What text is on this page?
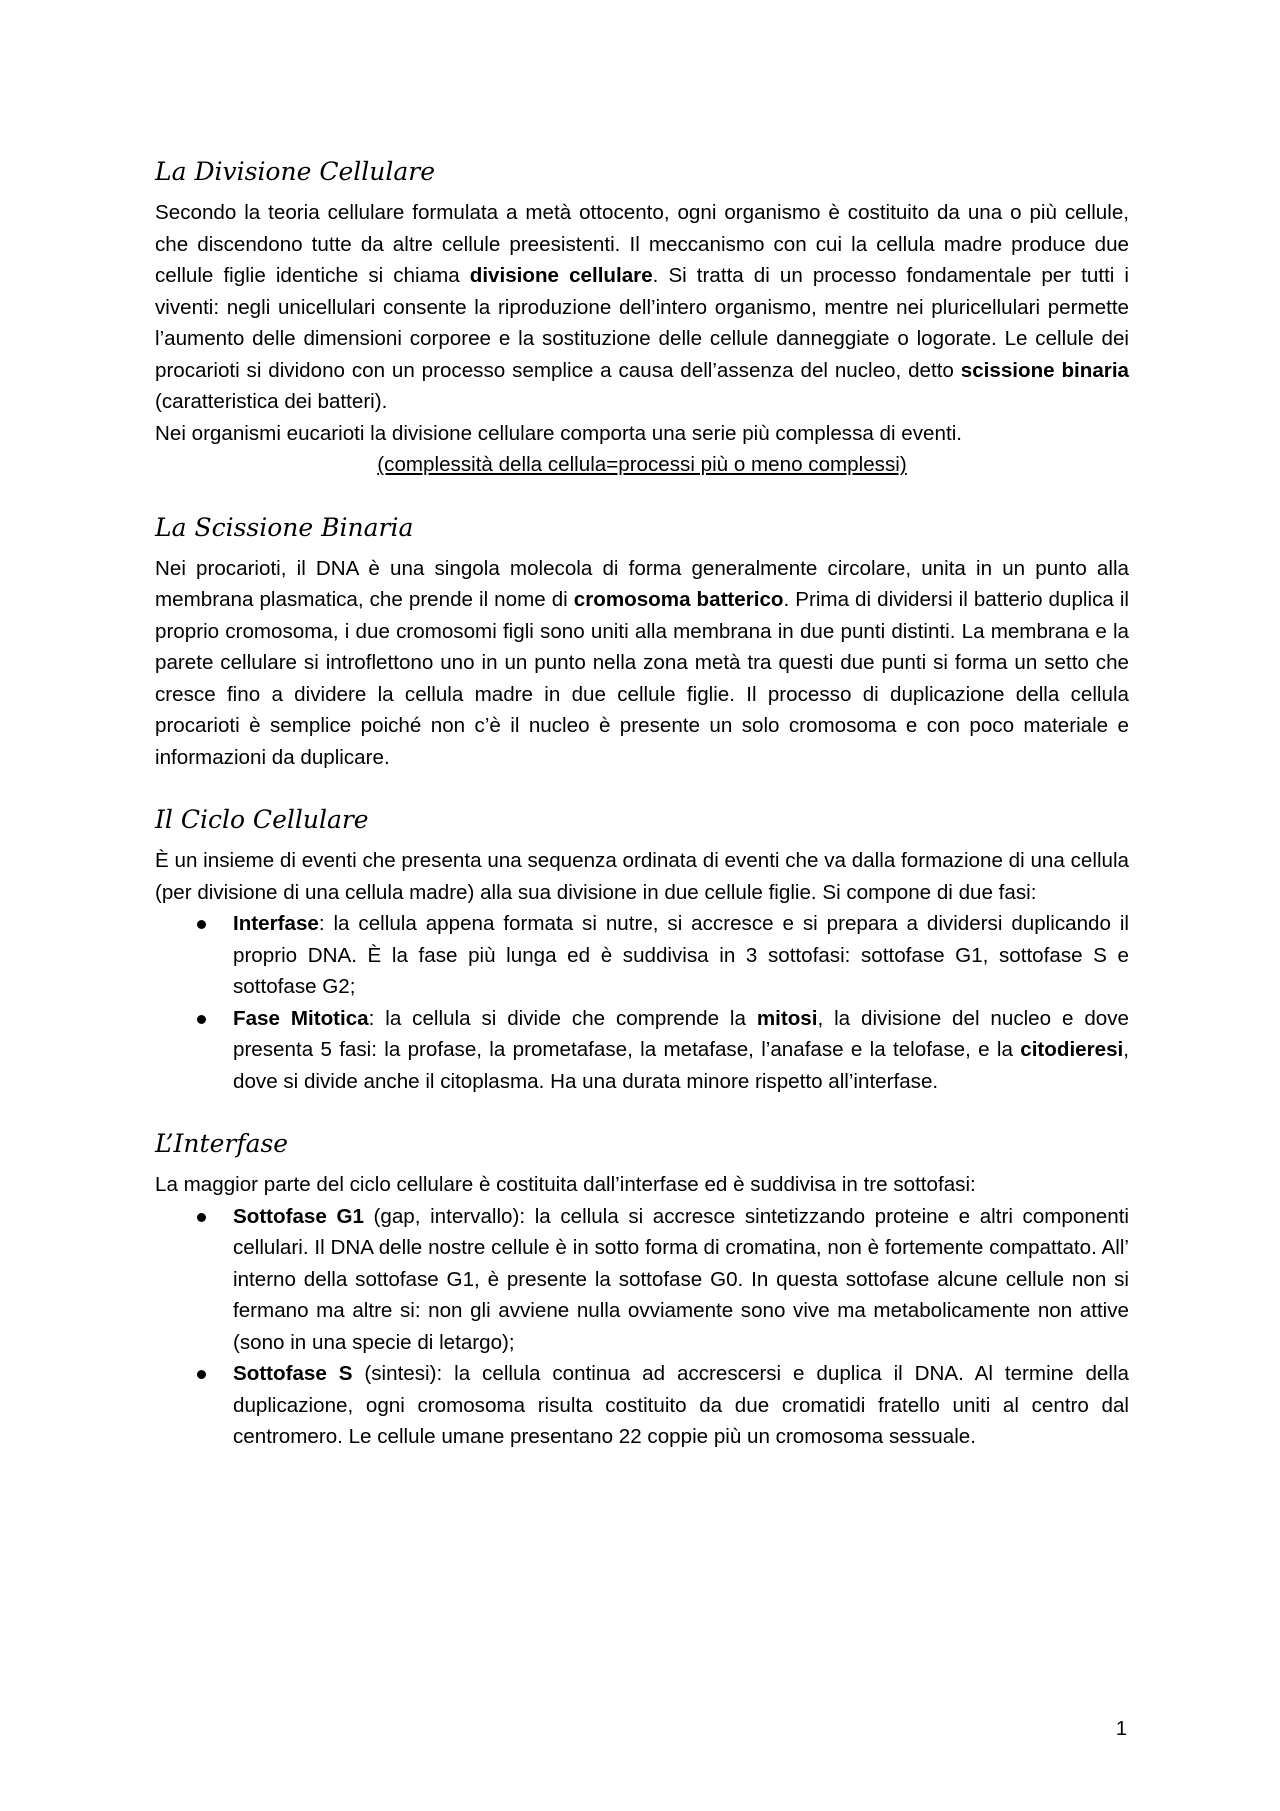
La Divisione Cellulare

Secondo la teoria cellulare formulata a metà ottocento, ogni organismo è costituito da una o più cellule, che discendono tutte da altre cellule preesistenti. Il meccanismo con cui la cellula madre produce due cellule figlie identiche si chiama divisione cellulare. Si tratta di un processo fondamentale per tutti i viventi: negli unicellulari consente la riproduzione dell’intero organismo, mentre nei pluricellulari permette l’aumento delle dimensioni corporee e la sostituzione delle cellule danneggiate o logorate. Le cellule dei procarioti si dividono con un processo semplice a causa dell’assenza del nucleo, detto scissione binaria (caratteristica dei batteri).

Nei organismi eucarioti la divisione cellulare comporta una serie più complessa di eventi.

(complessità della cellula=processi più o meno complessi)

La Scissione Binaria

Nei procarioti, il DNA è una singola molecola di forma generalmente circolare, unita in un punto alla membrana plasmatica, che prende il nome di cromosoma batterico. Prima di dividersi il batterio duplica il proprio cromosoma, i due cromosomi figli sono uniti alla membrana in due punti distinti. La membrana e la parete cellulare si introflettono uno in un punto nella zona metà tra questi due punti si forma un setto che cresce fino a dividere la cellula madre in due cellule figlie. Il processo di duplicazione della cellula procarioti è semplice poiché non c’è il nucleo è presente un solo cromosoma e con poco materiale e informazioni da duplicare.

Il Ciclo Cellulare

È un insieme di eventi che presenta una sequenza ordinata di eventi che va dalla formazione di una cellula (per divisione di una cellula madre) alla sua divisione in due cellule figlie. Si compone di due fasi:

Interfase: la cellula appena formata si nutre, si accresce e si prepara a dividersi duplicando il proprio DNA. È la fase più lunga ed è suddivisa in 3 sottofasi: sottofase G1, sottofase S e sottofase G2;
Fase Mitotica: la cellula si divide che comprende la mitosi, la divisione del nucleo e dove presenta 5 fasi: la profase, la prometafase, la metafase, l’anafase e la telofase, e la citodieresi, dove si divide anche il citoplasma. Ha una durata minore rispetto all’interfase.
L’Interfase

La maggior parte del ciclo cellulare è costituita dall’interfase ed è suddivisa in tre sottofasi:

Sottofase G1 (gap, intervallo): la cellula si accresce sintetizzando proteine e altri componenti cellulari. Il DNA delle nostre cellule è in sotto forma di cromatina, non è fortemente compattato. All’ interno della sottofase G1, è presente la sottofase G0. In questa sottofase alcune cellule non si fermano ma altre si: non gli avviene nulla ovviamente sono vive ma metabolicamente non attive (sono in una specie di letargo);
Sottofase S (sintesi): la cellula continua ad accrescersi e duplica il DNA. Al termine della duplicazione, ogni cromosoma risulta costituito da due cromatidi fratello uniti al centro dal centromero. Le cellule umane presentano 22 coppie più un cromosoma sessuale.
1
